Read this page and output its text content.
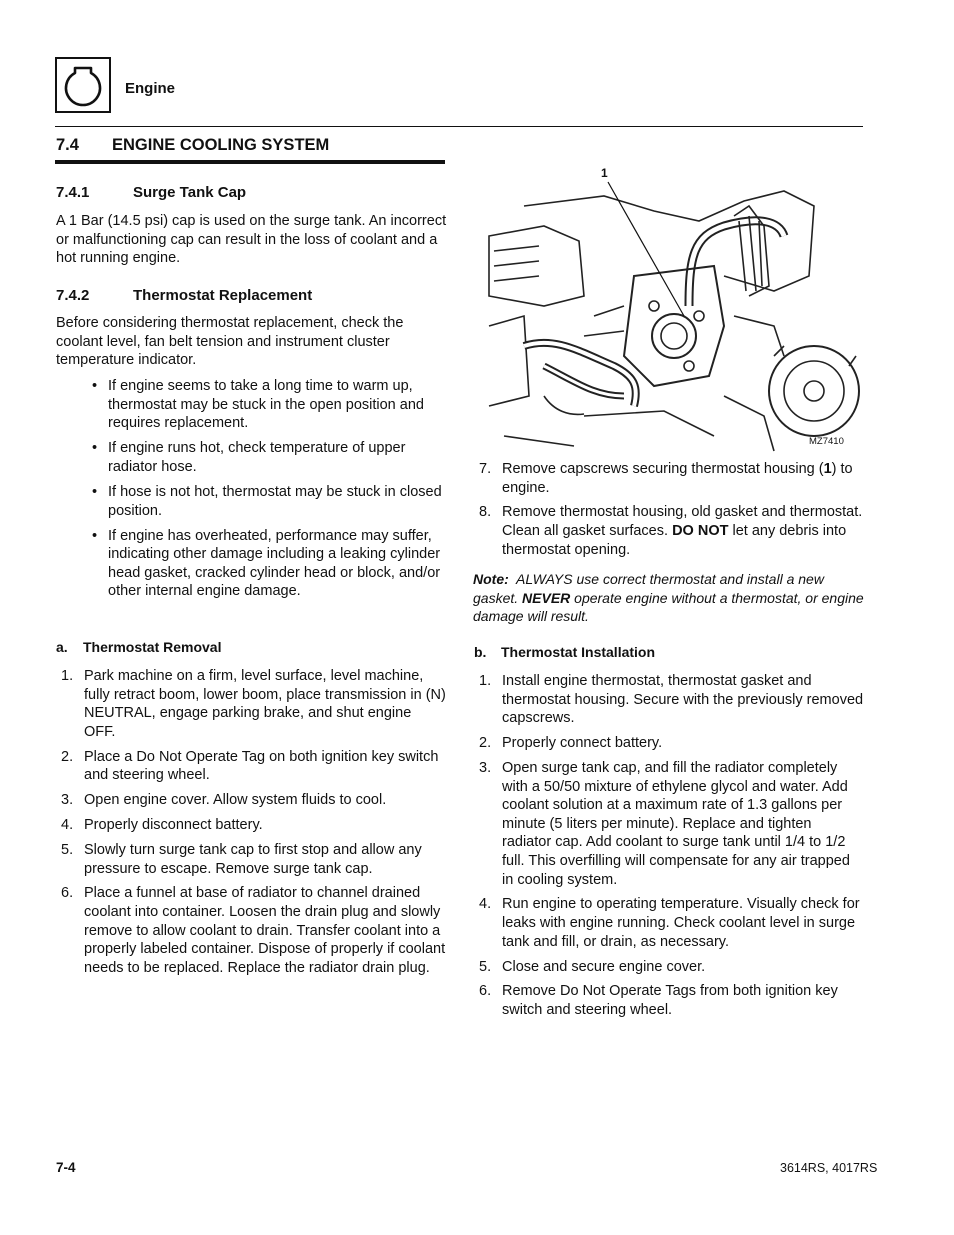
Engine
7.4 ENGINE COOLING SYSTEM
7.4.1	Surge Tank Cap
A 1 Bar (14.5 psi) cap is used on the surge tank. An incorrect or malfunctioning cap can result in the loss of coolant and a hot running engine.
7.4.2	Thermostat Replacement
Before considering thermostat replacement, check the coolant level, fan belt tension and instrument cluster temperature indicator.
• If engine seems to take a long time to warm up, thermostat may be stuck in the open position and requires replacement.
• If engine runs hot, check temperature of upper radiator hose.
• If hose is not hot, thermostat may be stuck in closed position.
• If engine has overheated, performance may suffer, indicating other damage including a leaking cylinder head gasket, cracked cylinder head or block, and/or other internal engine damage.
a. Thermostat Removal
1. Park machine on a firm, level surface, level machine, fully retract boom, lower boom, place transmission in (N) NEUTRAL, engage parking brake, and shut engine OFF.
2. Place a Do Not Operate Tag on both ignition key switch and steering wheel.
3. Open engine cover. Allow system fluids to cool.
4. Properly disconnect battery.
5. Slowly turn surge tank cap to first stop and allow any pressure to escape. Remove surge tank cap.
6. Place a funnel at base of radiator to channel drained coolant into container. Loosen the drain plug and slowly remove to allow coolant to drain. Transfer coolant into a properly labeled container. Dispose of properly if coolant needs to be replaced. Replace the radiator drain plug.
1
MZ7410
7. Remove capscrews securing thermostat housing (1) to engine.
8. Remove thermostat housing, old gasket and thermostat. Clean all gasket surfaces. DO NOT let any debris into thermostat opening.
Note: ALWAYS use correct thermostat and install a new gasket. NEVER operate engine without a thermostat, or engine damage will result.
b. Thermostat Installation
1. Install engine thermostat, thermostat gasket and thermostat housing. Secure with the previously removed capscrews.
2. Properly connect battery.
3. Open surge tank cap, and fill the radiator completely with a 50/50 mixture of ethylene glycol and water. Add coolant solution at a maximum rate of 1.3 gallons per minute (5 liters per minute). Replace and tighten radiator cap. Add coolant to surge tank until 1/4 to 1/2 full. This overfilling will compensate for any air trapped in cooling system.
4. Run engine to operating temperature. Visually check for leaks with engine running. Check coolant level in surge tank and fill, or drain, as necessary.
5. Close and secure engine cover.
6. Remove Do Not Operate Tags from both ignition key switch and steering wheel.
7-4	3614RS, 4017RS
